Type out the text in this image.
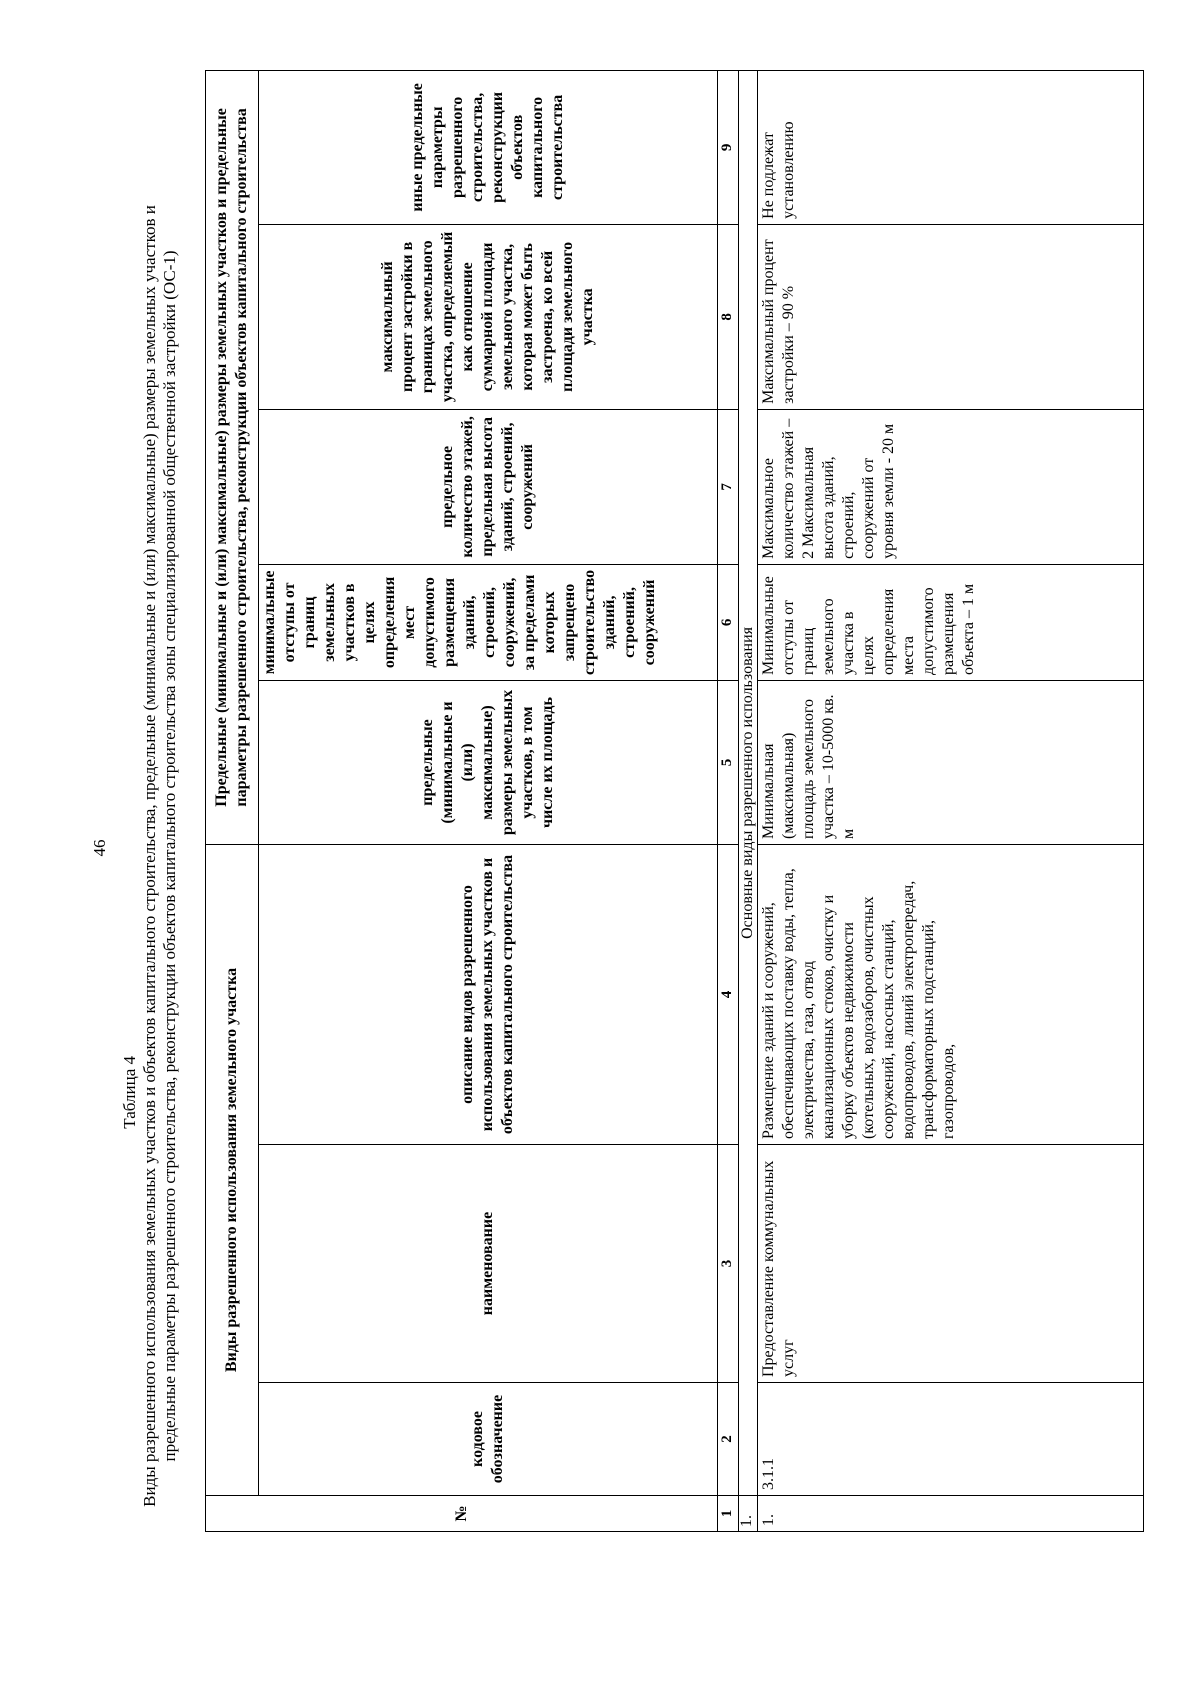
46
Таблица 4 Виды разрешенного использования земельных участков и объектов капитального строительства, предельные (минимальные и (или) максимальные) размеры земельных участков и предельные параметры разрешенного строительства, реконструкции объектов капитального строительства зоны специализированной общественной застройки (ОС-1)
№	Виды разрешенного использования земельного участка			Предельные (минимальные и (или) максимальные) размеры земельных участков и предельные параметры разрешенного строительства, реконструкции объектов капитального строительства				
	кодовое обозначение	наименование	описание видов разрешенного использования земельных участков и объектов капитального строительства	предельные (минимальные и (или) максимальные) размеры земельных участков, в том числе их площадь	минимальные отступы от границ земельных участков в целях определения мест допустимого размещения зданий, строений, сооружений, за пределами которых запрещено строительство зданий, строений, сооружений	предельное количество этажей, предельная высота зданий, строений, сооружений	максимальный процент застройки в границах земельного участка, определяемый как отношение суммарной площади земельного участка, которая может быть застроена, ко всей площади земельного участка	иные предельные параметры разрешенного строительства, реконструкции объектов капитального строительства
1	2	3	4	5	6	7	8	9
1.	Основные виды разрешенного использования							
1.	3.1.1	Предоставление коммунальных услуг	Размещение зданий и сооружений, обеспечивающих поставку воды, тепла, электричества, газа, отвод канализационных стоков, очистку и уборку объектов недвижимости (котельных, водозаборов, очистных сооружений, насосных станций, водопроводов, линий электропередач, трансформаторных подстанций, газопроводов,	Минимальная (максимальная) площадь земельного участка – 10-5000 кв. м	Минимальные отступы от границ земельного участка в целях определения места допустимого размещения объекта – 1 м	Максимальное количество этажей – 2 Максимальная высота зданий, строений, сооружений от уровня земли - 20 м	Максимальный процент застройки – 90 %	Не подлежат установлению
